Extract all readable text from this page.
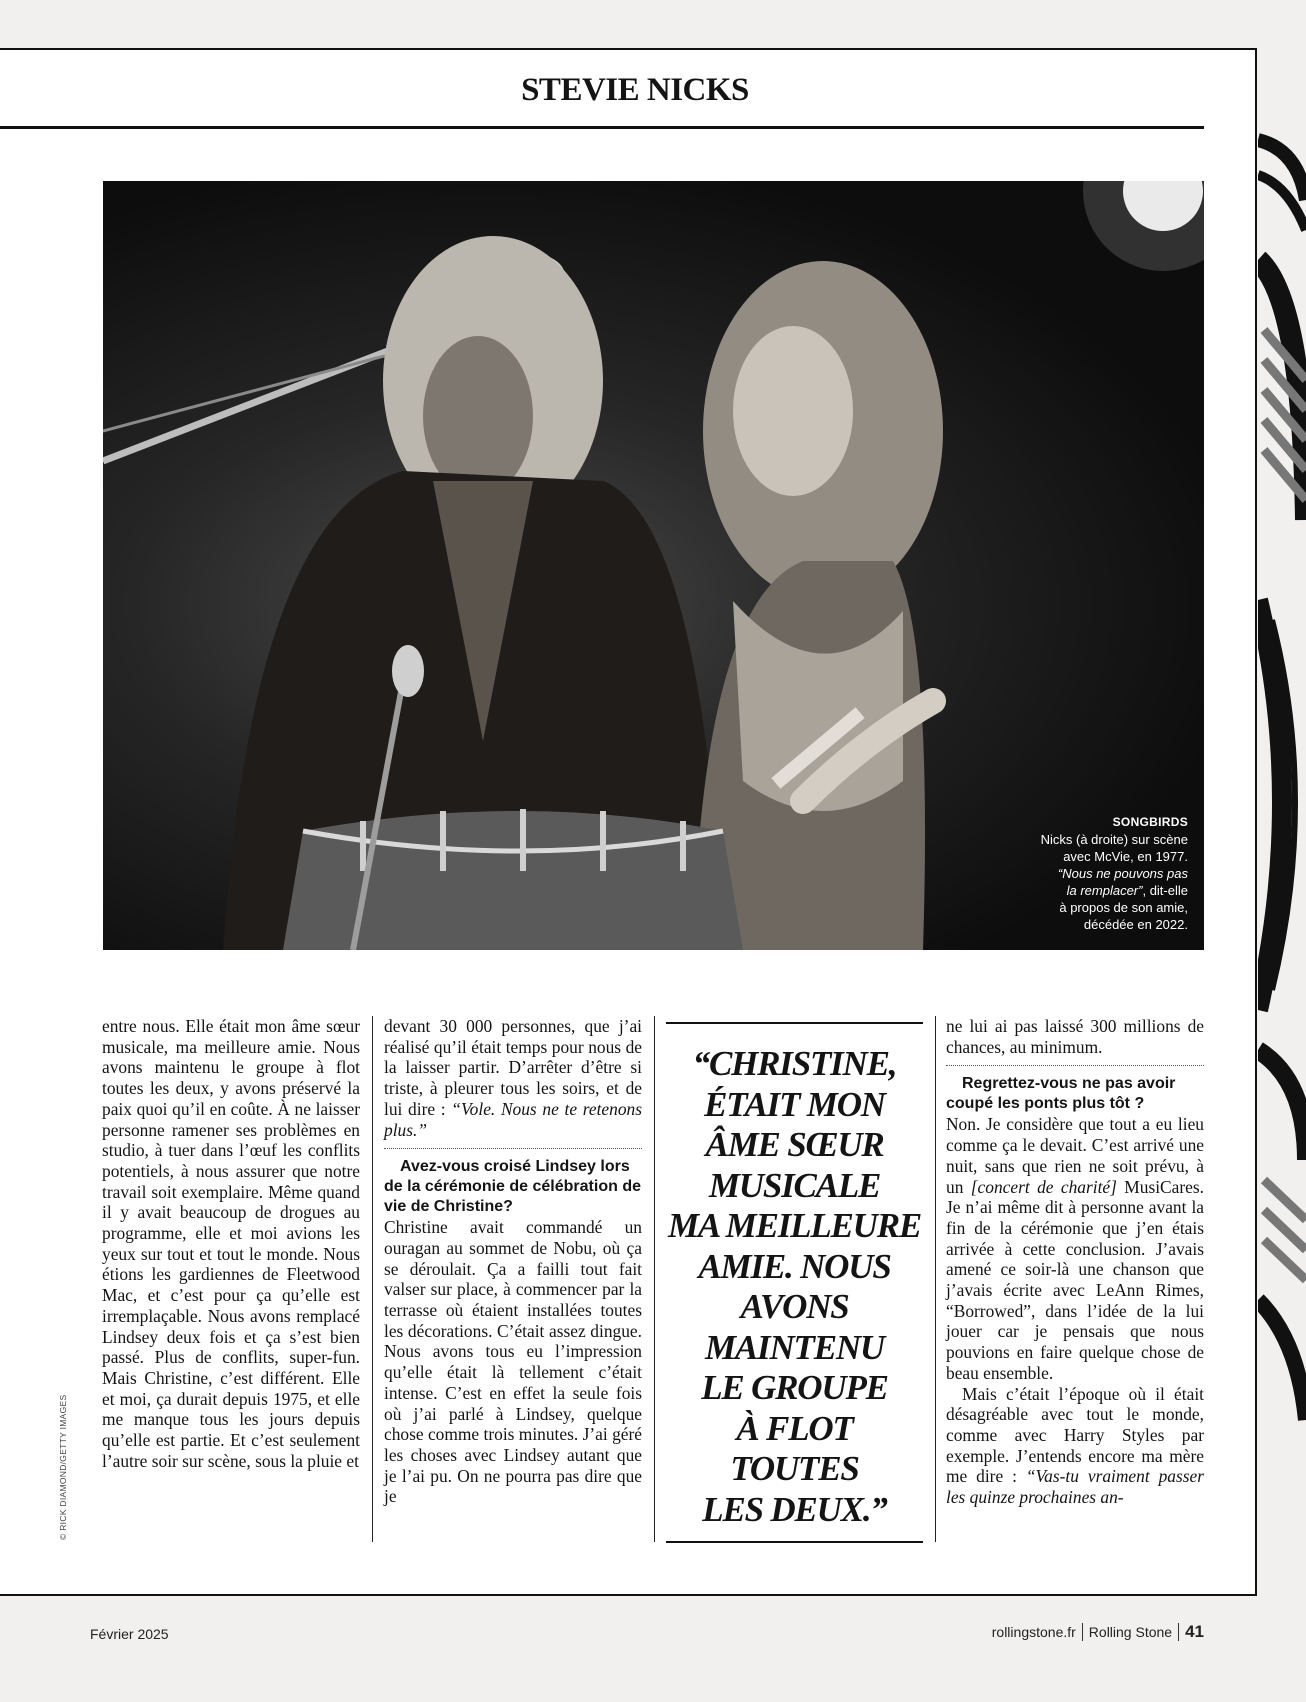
STEVIE NICKS
SONGBIRDS
Nicks (à droite) sur scène
avec McVie, en 1977.
“Nous ne pouvons pas
la remplacer”, dit-elle
à propos de son amie,
décédée en 2022.
© RICK DIAMOND/GETTY IMAGES

entre nous. Elle était mon âme sœur musicale, ma meilleure amie. Nous avons maintenu le groupe à flot toutes les deux, y avons préservé la paix quoi qu’il en coûte. À ne laisser personne ramener ses problèmes en studio, à tuer dans l’œuf les conflits potentiels, à nous assurer que notre travail soit exemplaire. Même quand il y avait beaucoup de drogues au programme, elle et moi avions les yeux sur tout et tout le monde. Nous étions les gardiennes de Fleetwood Mac, et c’est pour ça qu’elle est irremplaçable. Nous avons remplacé Lindsey deux fois et ça s’est bien passé. Plus de conflits, super-fun. Mais Christine, c’est différent. Elle et moi, ça durait depuis 1975, et elle me manque tous les jours depuis qu’elle est partie. Et c’est seulement l’autre soir sur scène, sous la pluie et

devant 30 000 personnes, que j’ai réalisé qu’il était temps pour nous de la laisser partir. D’arrêter d’être si triste, à pleurer tous les soirs, et de lui dire : “Vole. Nous ne te retenons plus.”

Avez-vous croisé Lindsey lors de la cérémonie de célébration de vie de Christine?

Christine avait commandé un ouragan au sommet de Nobu, où ça se déroulait. Ça a failli tout fait valser sur place, à commencer par la terrasse où étaient installées toutes les décorations. C’était assez dingue. Nous avons tous eu l’impression qu’elle était là tellement c’était intense. C’est en effet la seule fois où j’ai parlé à Lindsey, quelque chose comme trois minutes. J’ai géré les choses avec Lindsey autant que je l’ai pu. On ne pourra pas dire que je

“CHRISTINE,
ÉTAIT MON
ÂME SŒUR
MUSICALE
MA MEILLEURE
AMIE. NOUS
AVONS
MAINTENU
LE GROUPE
À FLOT
TOUTES
LES DEUX.”

ne lui ai pas laissé 300 millions de chances, au minimum.

Regrettez-vous ne pas avoir coupé les ponts plus tôt ?

Non. Je considère que tout a eu lieu comme ça le devait. C’est arrivé une nuit, sans que rien ne soit prévu, à un [concert de charité] MusiCares. Je n’ai même dit à personne avant la fin de la cérémonie que j’en étais arrivée à cette conclusion. J’avais amené ce soir-là une chanson que j’avais écrite avec LeAnn Rimes, “Borrowed”, dans l’idée de la lui jouer car je pensais que nous pouvions en faire quelque chose de beau ensemble.

Mais c’était l’époque où il était désagréable avec tout le monde, comme avec Harry Styles par exemple. J’entends encore ma mère me dire : “Vas-tu vraiment passer les quinze prochaines an-

Février 2025	rollingstone.fr Rolling Stone 41
